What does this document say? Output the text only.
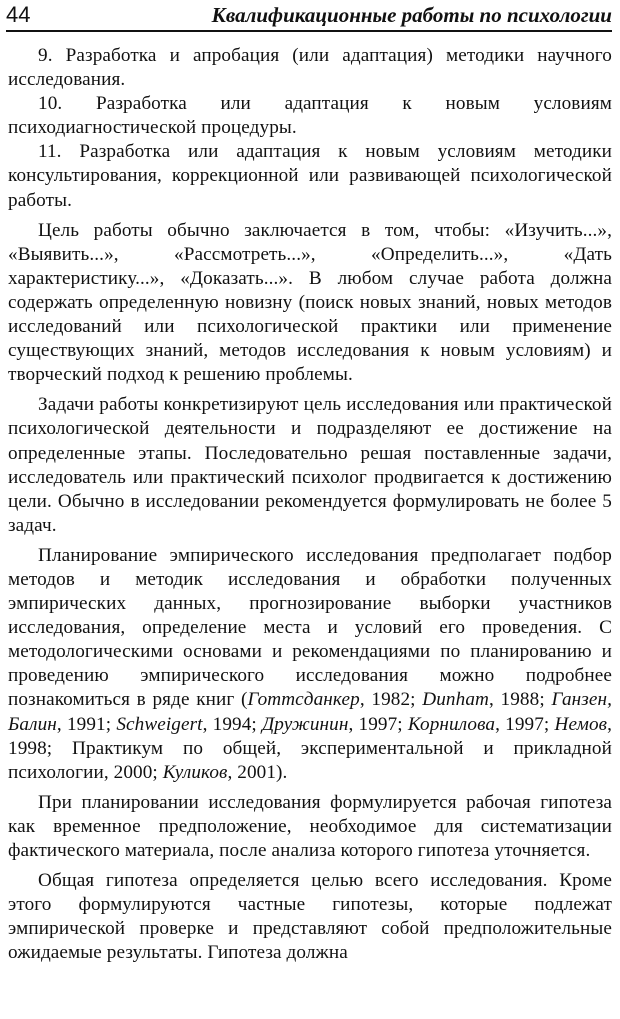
44	Квалификационные работы по психологии

9. Разработка и апробация (или адаптация) методики научного исследования.

10. Разработка или адаптация к новым условиям психодиагностической процедуры.

11. Разработка или адаптация к новым условиям методики консультирования, коррекционной или развивающей психологической работы.

Цель работы обычно заключается в том, чтобы: «Изучить...», «Выявить...», «Рассмотреть...», «Определить...», «Дать характеристику...», «Доказать...». В любом случае работа должна содержать определенную новизну (поиск новых знаний, новых методов исследований или психологической практики или применение существующих знаний, методов исследования к новым условиям) и творческий подход к решению проблемы.

Задачи работы конкретизируют цель исследования или практической психологической деятельности и подразделяют ее достижение на определенные этапы. Последовательно решая поставленные задачи, исследователь или практический психолог продвигается к достижению цели. Обычно в исследовании рекомендуется формулировать не более 5 задач.

Планирование эмпирического исследования предполагает подбор методов и методик исследования и обработки полученных эмпирических данных, прогнозирование выборки участников исследования, определение места и условий его проведения. С методологическими основами и рекомендациями по планированию и проведению эмпирического исследования можно подробнее познакомиться в ряде книг (Готтсданкер, 1982; Dunham, 1988; Ганзен, Балин, 1991; Schweigert, 1994; Дружинин, 1997; Корнилова, 1997; Немов, 1998; Практикум по общей, экспериментальной и прикладной психологии, 2000; Куликов, 2001).

При планировании исследования формулируется рабочая гипотеза как временное предположение, необходимое для систематизации фактического материала, после анализа которого гипотеза уточняется.

Общая гипотеза определяется целью всего исследования. Кроме этого формулируются частные гипотезы, которые подлежат эмпирической проверке и представляют собой предположительные ожидаемые результаты. Гипотеза должна
